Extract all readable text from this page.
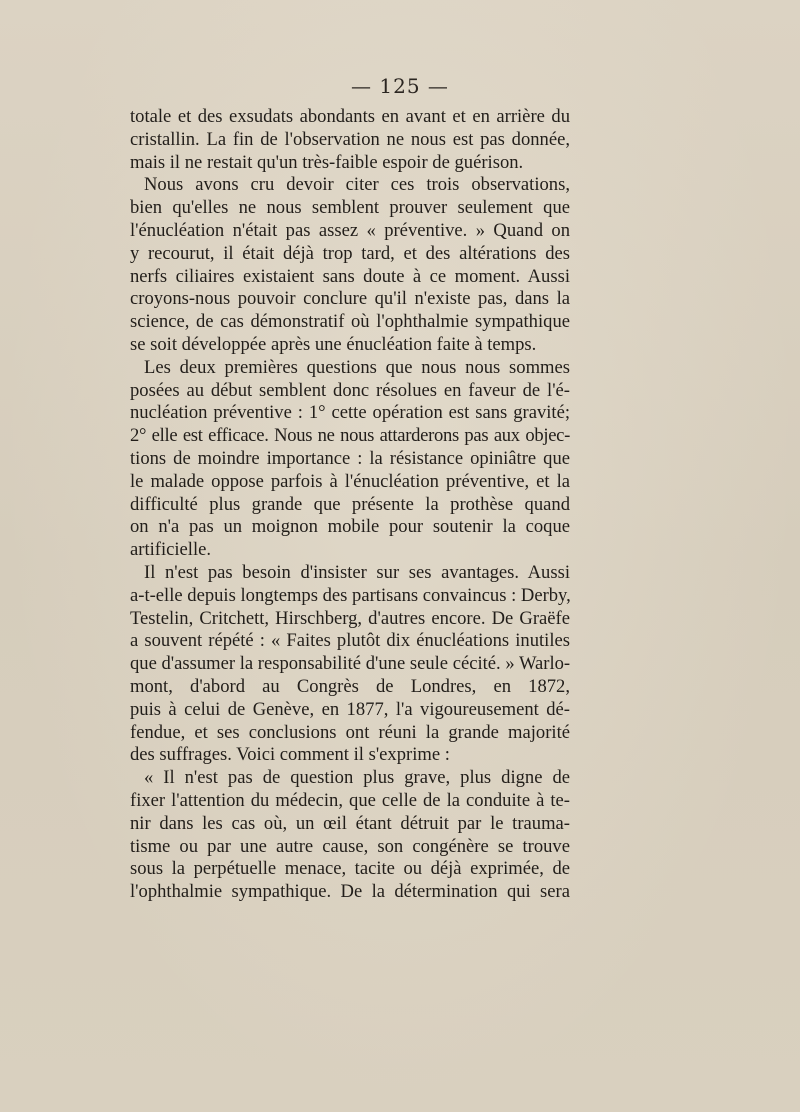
— 125 —
totale et des exsudats abondants en avant et en arrière du
cristallin. La fin de l'observation ne nous est pas donnée,
mais il ne restait qu'un très-faible espoir de guérison.
Nous avons cru devoir citer ces trois observations,
bien qu'elles ne nous semblent prouver seulement que
l'énucléation n'était pas assez « préventive. » Quand on
y recourut, il était déjà trop tard, et des altérations des
nerfs ciliaires existaient sans doute à ce moment. Aussi
croyons-nous pouvoir conclure qu'il n'existe pas, dans la
science, de cas démonstratif où l'ophthalmie sympathique
se soit développée après une énucléation faite à temps.
Les deux premières questions que nous nous sommes
posées au début semblent donc résolues en faveur de l'é-
nucléation préventive : 1° cette opération est sans gravité;
2° elle est efficace. Nous ne nous attarderons pas aux objec-
tions de moindre importance : la résistance opiniâtre que
le malade oppose parfois à l'énucléation préventive, et la
difficulté plus grande que présente la prothèse quand
on n'a pas un moignon mobile pour soutenir la coque
artificielle.
Il n'est pas besoin d'insister sur ses avantages. Aussi
a-t-elle depuis longtemps des partisans convaincus : Derby,
Testelin, Critchett, Hirschberg, d'autres encore. De Graëfe
a souvent répété : « Faites plutôt dix énucléations inutiles
que d'assumer la responsabilité d'une seule cécité. » Warlo-
mont, d'abord au Congrès de Londres, en 1872,
puis à celui de Genève, en 1877, l'a vigoureusement dé-
fendue, et ses conclusions ont réuni la grande majorité
des suffrages. Voici comment il s'exprime :
« Il n'est pas de question plus grave, plus digne de
fixer l'attention du médecin, que celle de la conduite à te-
nir dans les cas où, un œil étant détruit par le trauma-
tisme ou par une autre cause, son congénère se trouve
sous la perpétuelle menace, tacite ou déjà exprimée, de
l'ophthalmie sympathique. De la détermination qui sera
